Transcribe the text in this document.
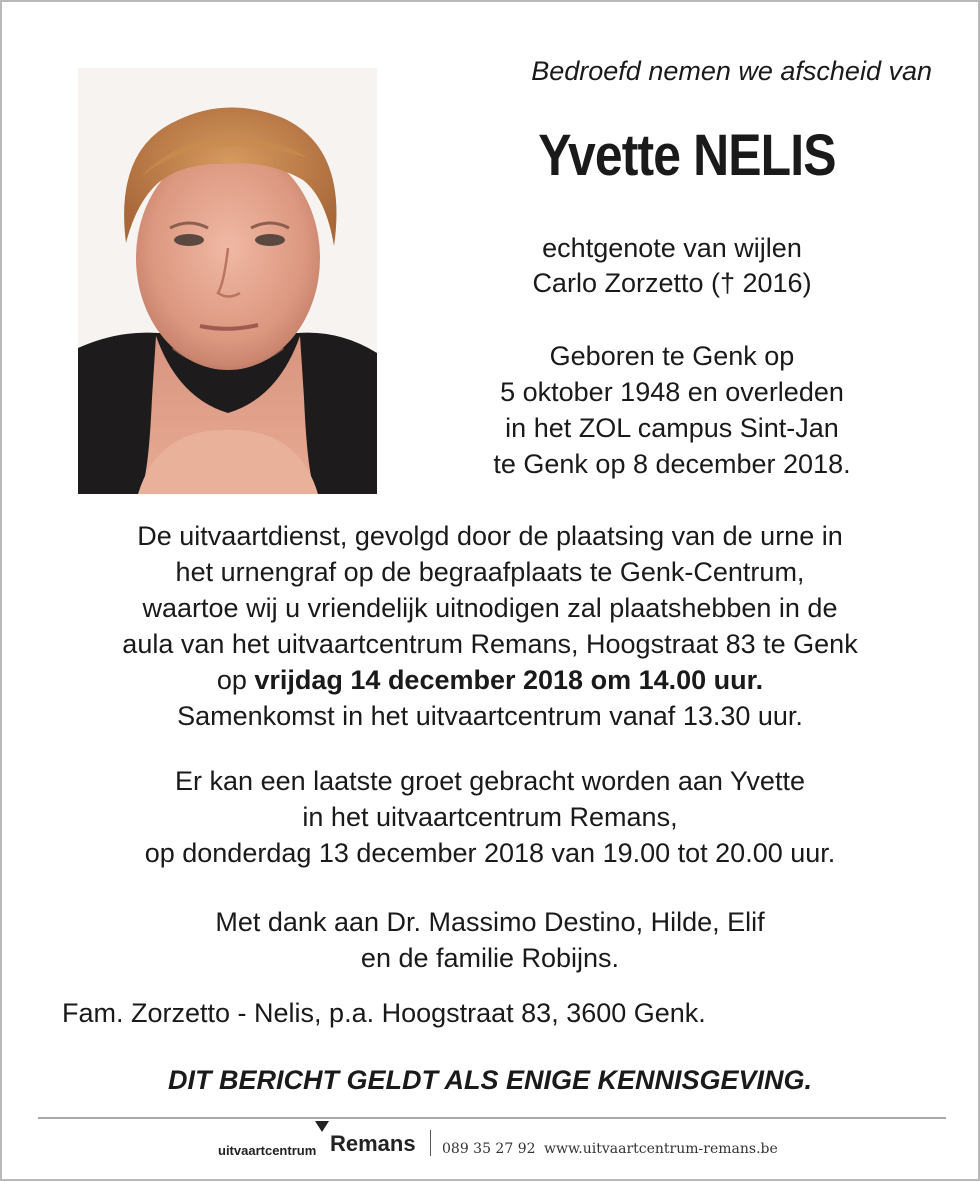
Bedroefd nemen we afscheid van
Yvette NELIS
echtgenote van wijlen
Carlo Zorzetto († 2016)
Geboren te Genk op
5 oktober 1948 en overleden
in het ZOL campus Sint-Jan
te Genk op 8 december 2018.
De uitvaartdienst, gevolgd door de plaatsing van de urne in
het urnengraf op de begraafplaats te Genk-Centrum,
waartoe wij u vriendelijk uitnodigen zal plaatshebben in de
aula van het uitvaartcentrum Remans, Hoogstraat 83 te Genk
op vrijdag 14 december 2018 om 14.00 uur.
Samenkomst in het uitvaartcentrum vanaf 13.30 uur.
Er kan een laatste groet gebracht worden aan Yvette
in het uitvaartcentrum Remans,
op donderdag 13 december 2018 van 19.00 tot 20.00 uur.
Met dank aan Dr. Massimo Destino, Hilde, Elif
en de familie Robijns.
Fam. Zorzetto - Nelis, p.a. Hoogstraat 83, 3600 Genk.
DIT BERICHT GELDT ALS ENIGE KENNISGEVING.
uitvaartcentrum Remans 089 35 27 92 www.uitvaartcentrum-remans.be
